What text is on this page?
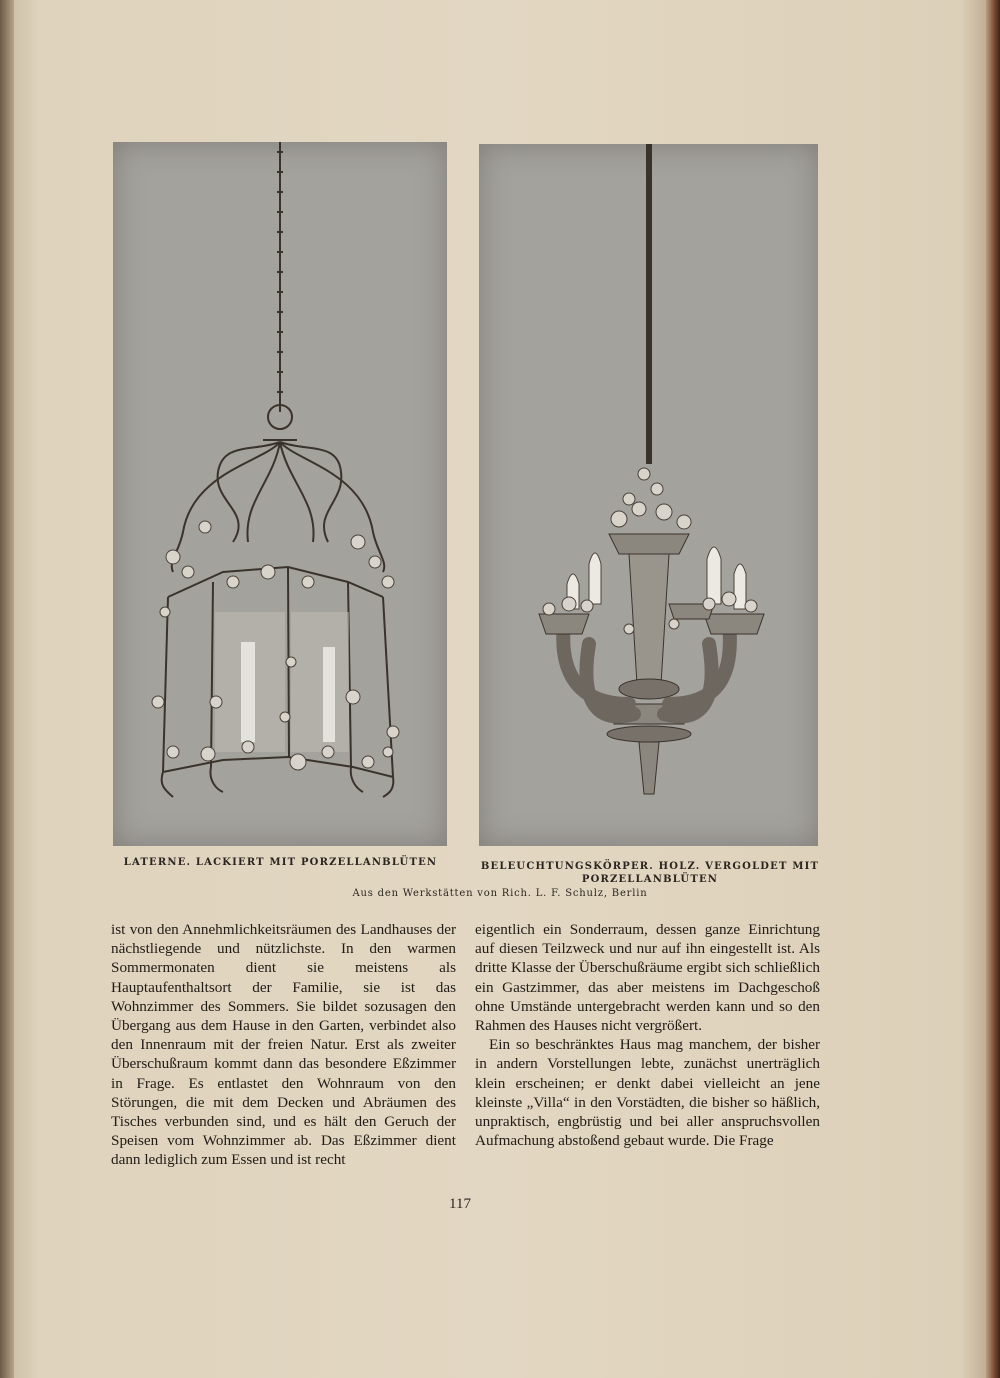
LATERNE. LACKIERT MIT PORZELLANBLÜTEN	BELEUCHTUNGSKÖRPER. HOLZ. VERGOLDET MIT PORZELLANBLÜTEN
Aus den Werkstätten von Rich. L. F. Schulz, Berlin

ist von den Annehmlichkeitsräumen des Landhauses der nächstliegende und nützlichste. In den warmen Sommermonaten dient sie meistens als Hauptaufenthaltsort der Familie, sie ist das Wohnzimmer des Sommers. Sie bildet sozusagen den Übergang aus dem Hause in den Garten, verbindet also den Innenraum mit der freien Natur. Erst als zweiter Überschußraum kommt dann das besondere Eßzimmer in Frage. Es entlastet den Wohnraum von den Störungen, die mit dem Decken und Abräumen des Tisches verbunden sind, und es hält den Geruch der Speisen vom Wohnzimmer ab. Das Eßzimmer dient dann lediglich zum Essen und ist recht

eigentlich ein Sonderraum, dessen ganze Einrichtung auf diesen Teilzweck und nur auf ihn eingestellt ist. Als dritte Klasse der Überschußräume ergibt sich schließlich ein Gastzimmer, das aber meistens im Dachgeschoß ohne Umstände untergebracht werden kann und so den Rahmen des Hauses nicht vergrößert.

Ein so beschränktes Haus mag manchem, der bisher in andern Vorstellungen lebte, zunächst unerträglich klein erscheinen; er denkt dabei vielleicht an jene kleinste „Villa“ in den Vorstädten, die bisher so häßlich, unpraktisch, engbrüstig und bei aller anspruchsvollen Aufmachung abstoßend gebaut wurde. Die Frage

117
